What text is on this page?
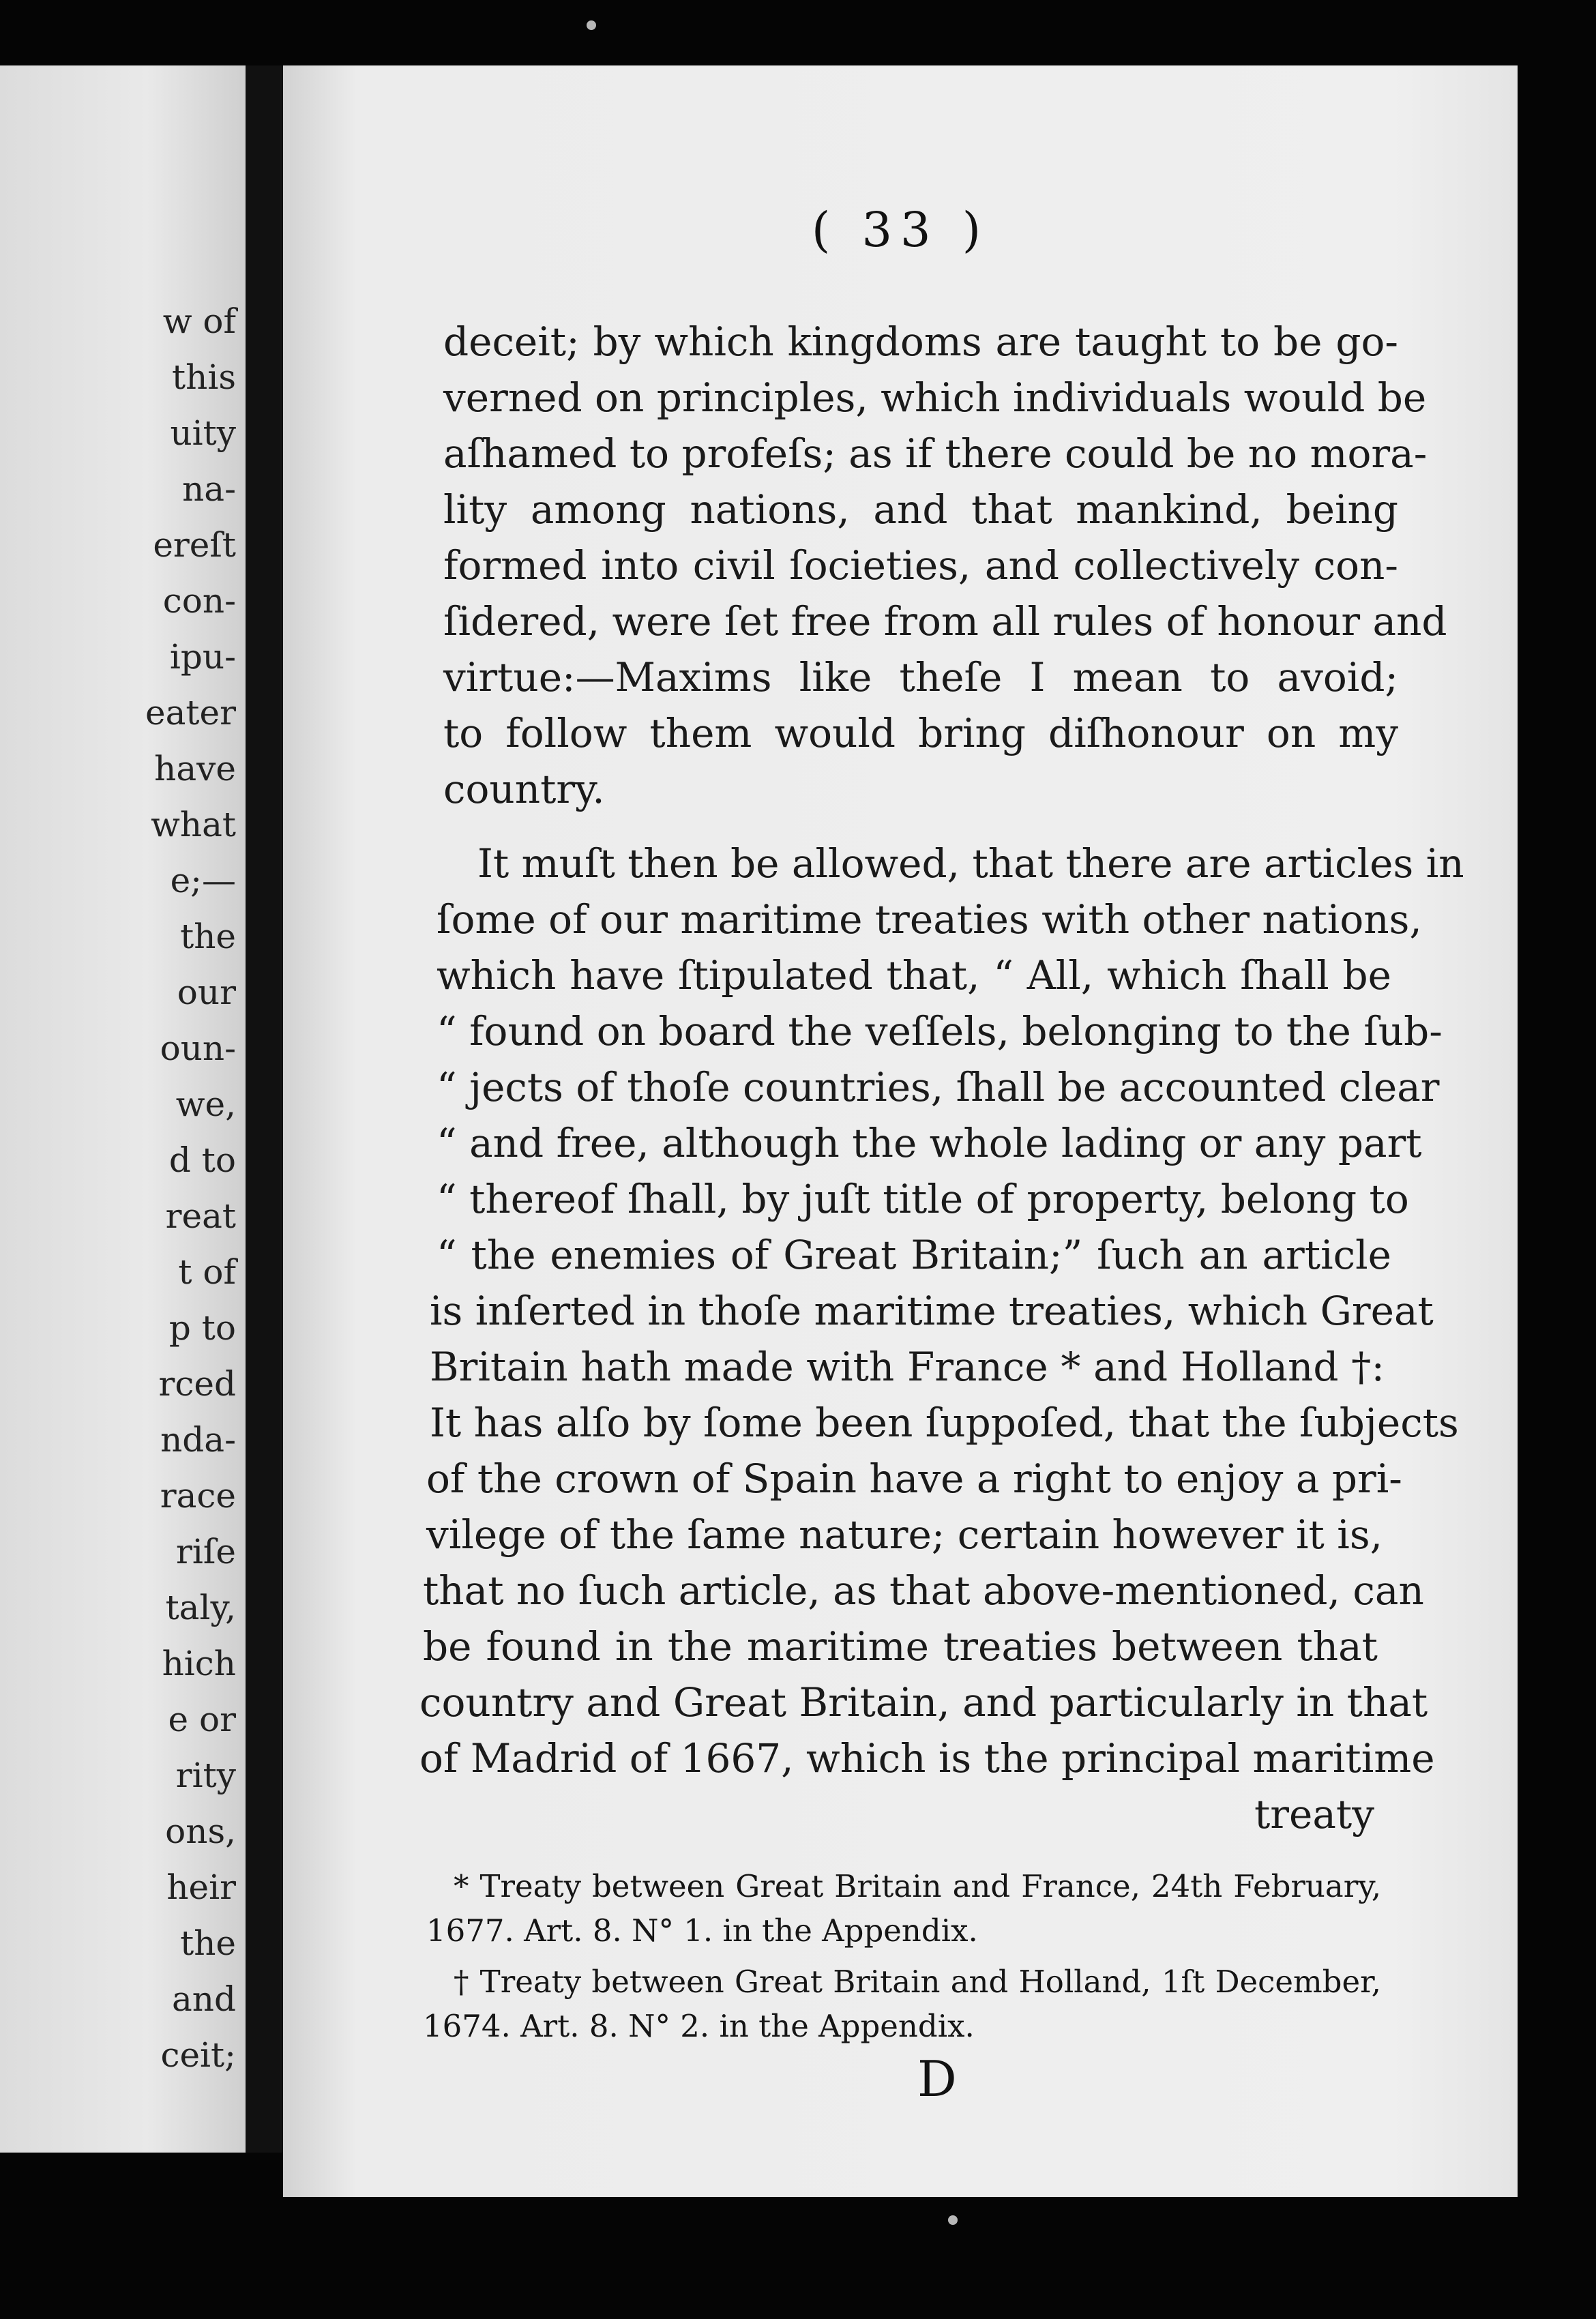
w of
this
uity
na-
ereſt
con-
ipu-
eater
have
what
e;—
the
our
oun-
we,
d to
reat
t of
p to
rced
nda-
race
riſe
taly,
hich
e or
rity
ons,
heir
the
and
ceit;
( 33 )
deceit; by which kingdoms are taught to be go-
verned on principles, which individuals would be
aſhamed to profeſs; as if there could be no mora-
lity among nations, and that mankind, being
formed into civil ſocieties, and collectively con-
ſidered, were ſet free from all rules of honour and
virtue:—Maxims like theſe I mean to avoid;
to follow them would bring diſhonour on my
country.
It muſt then be allowed, that there are articles in
ſome of our maritime treaties with other nations,
which have ſtipulated that, “ All, which ſhall be
“ found on board the veſſels, belonging to the ſub-
“ jects of thoſe countries, ſhall be accounted clear
“ and free, although the whole lading or any part
“ thereof ſhall, by juſt title of property, belong to
“ the enemies of Great Britain;” ſuch an article
is inſerted in thoſe maritime treaties, which Great
Britain hath made with France * and Holland †:
It has alſo by ſome been ſuppoſed, that the ſubjects
of the crown of Spain have a right to enjoy a pri-
vilege of the ſame nature; certain however it is,
that no ſuch article, as that above-mentioned, can
be found in the maritime treaties between that
country and Great Britain, and particularly in that
of Madrid of 1667, which is the principal maritime
treaty
* Treaty between Great Britain and France, 24th February,
1677. Art. 8. N° 1. in the Appendix.
† Treaty between Great Britain and Holland, 1ſt December,
1674. Art. 8. N° 2. in the Appendix.
D
